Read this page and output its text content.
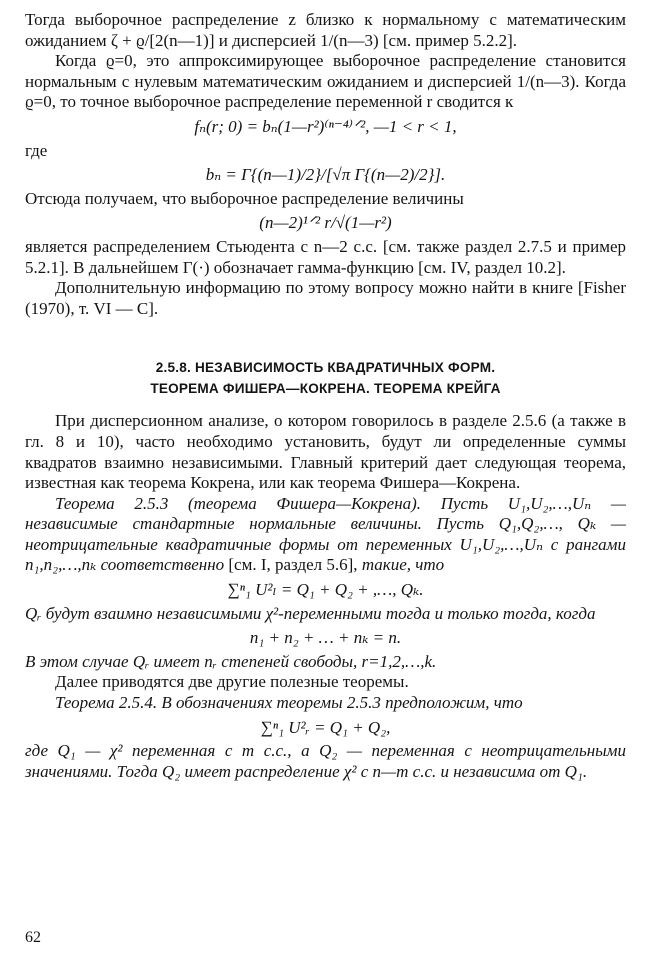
Тогда выборочное распределение z близко к нормальному с математическим ожиданием ζ + ϱ/[2(n—1)] и дисперсией 1/(n—3) [см. пример 5.2.2].

Когда ϱ=0, это аппроксимирующее выборочное распределение становится нормальным с нулевым математическим ожиданием и дисперсией 1/(n—3). Когда ϱ=0, то точное выборочное распределение переменной r сводится к

fₙ(r; 0) = bₙ(1—r²)⁽ⁿ⁻⁴⁾ᐟ², —1 < r < 1,

где

bₙ = Γ{(n—1)/2}/[√π Γ{(n—2)/2}].

Отсюда получаем, что выборочное распределение величины

(n—2)¹ᐟ² r/√(1—r²)

является распределением Стьюдента с n—2 с.с. [см. также раздел 2.7.5 и пример 5.2.1]. В дальнейшем Γ(·) обозначает гамма-функцию [см. IV, раздел 10.2].

Дополнительную информацию по этому вопросу можно найти в книге [Fisher (1970), т. VI — C].

2.5.8. НЕЗАВИСИМОСТЬ КВАДРАТИЧНЫХ ФОРМ.
ТЕОРЕМА ФИШЕРА—КОКРЕНА. ТЕОРЕМА КРЕЙГА

При дисперсионном анализе, о котором говорилось в разделе 2.5.6 (а также в гл. 8 и 10), часто необходимо установить, будут ли определенные суммы квадратов взаимно независимыми. Главный критерий дает следующая теорема, известная как теорема Кокрена, или как теорема Фишера—Кокрена.

Теорема 2.5.3 (теорема Фишера—Кокрена). Пусть U₁,U₂,…,Uₙ — независимые стандартные нормальные величины. Пусть Q₁,Q₂,…, Qₖ — неотрицательные квадратичные формы от переменных U₁,U₂,…,Uₙ с рангами n₁,n₂,…,nₖ соответственно [см. I, раздел 5.6], такие, что

∑ⁿ₁ U²ₗ = Q₁ + Q₂ + ,…, Qₖ.

Qᵣ будут взаимно независимыми χ²-переменными тогда и только тогда, когда

n₁ + n₂ + … + nₖ = n.

В этом случае Qᵣ имеет nᵣ степеней свободы, r=1,2,…,k.

Далее приводятся две другие полезные теоремы.

Теорема 2.5.4. В обозначениях теоремы 2.5.3 предположим, что

∑ⁿ₁ U²ᵣ = Q₁ + Q₂,

где Q₁ — χ² переменная с m с.с., а Q₂ — переменная с неотрицательными значениями. Тогда Q₂ имеет распределение χ² с n—m с.с. и независима от Q₁.

62
